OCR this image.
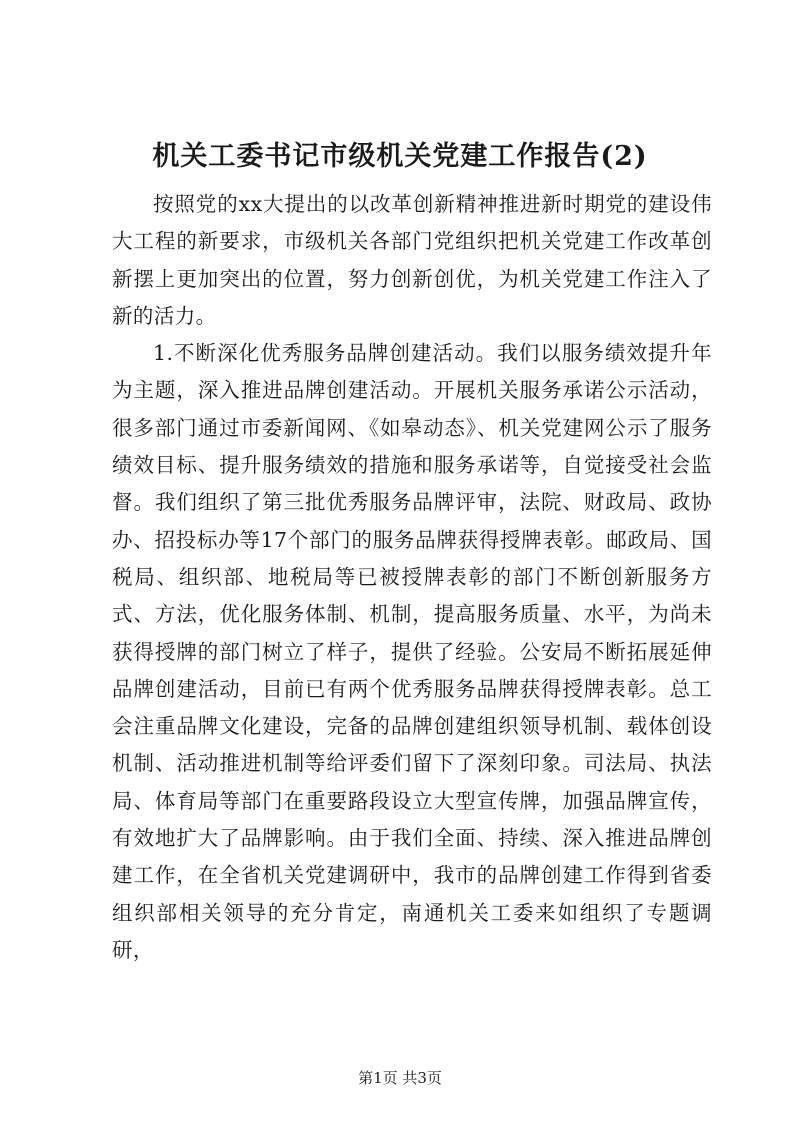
机关工委书记市级机关党建工作报告(2)

按照党的xx大提出的以改革创新精神推进新时期党的建设伟大工程的新要求，市级机关各部门党组织把机关党建工作改革创新摆上更加突出的位置，努力创新创优，为机关党建工作注入了新的活力。

1.不断深化优秀服务品牌创建活动。我们以服务绩效提升年为主题，深入推进品牌创建活动。开展机关服务承诺公示活动，很多部门通过市委新闻网、《如皋动态》、机关党建网公示了服务绩效目标、提升服务绩效的措施和服务承诺等，自觉接受社会监督。我们组织了第三批优秀服务品牌评审，法院、财政局、政协办、招投标办等17个部门的服务品牌获得授牌表彰。邮政局、国税局、组织部、地税局等已被授牌表彰的部门不断创新服务方式、方法，优化服务体制、机制，提高服务质量、水平，为尚未获得授牌的部门树立了样子，提供了经验。公安局不断拓展延伸品牌创建活动，目前已有两个优秀服务品牌获得授牌表彰。总工会注重品牌文化建设，完备的品牌创建组织领导机制、载体创设机制、活动推进机制等给评委们留下了深刻印象。司法局、执法局、体育局等部门在重要路段设立大型宣传牌，加强品牌宣传，有效地扩大了品牌影响。由于我们全面、持续、深入推进品牌创建工作，在全省机关党建调研中，我市的品牌创建工作得到省委组织部相关领导的充分肯定，南通机关工委来如组织了专题调研，

第1页 共3页
